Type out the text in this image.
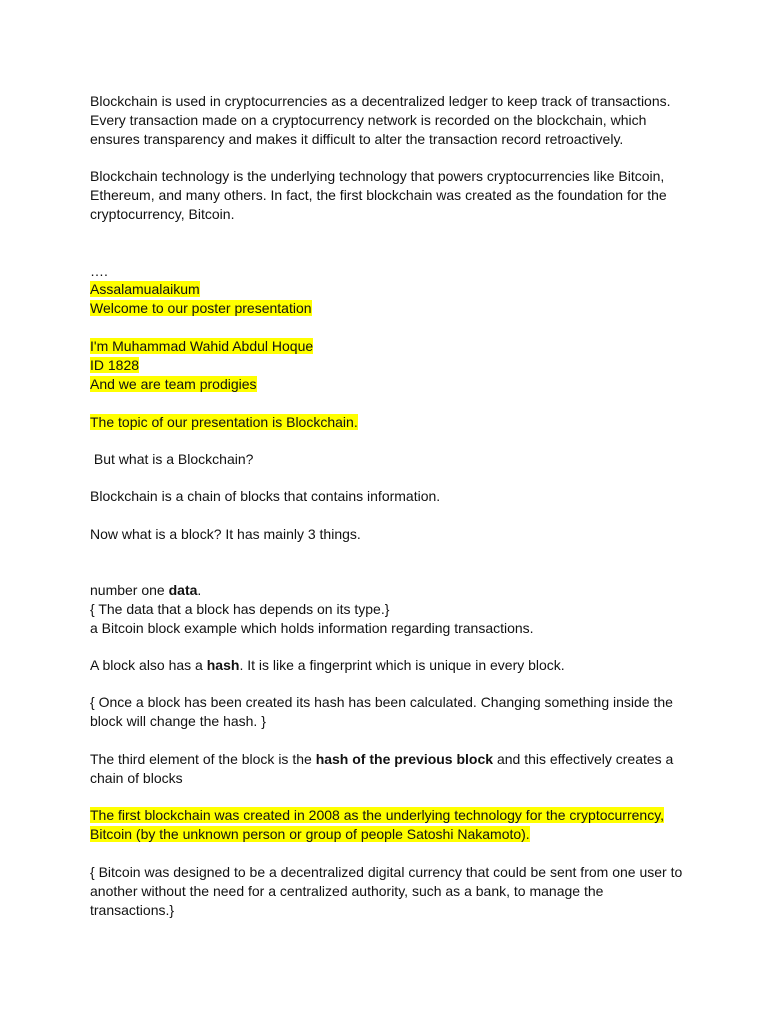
Blockchain is used in cryptocurrencies as a decentralized ledger to keep track of transactions.

Every transaction made on a cryptocurrency network is recorded on the blockchain, which

ensures transparency and makes it difficult to alter the transaction record retroactively.

Blockchain technology is the underlying technology that powers cryptocurrencies like Bitcoin,

Ethereum, and many others. In fact, the first blockchain was created as the foundation for the

cryptocurrency, Bitcoin.

….

Assalamualaikum

Welcome to our poster presentation

I'm Muhammad Wahid Abdul Hoque

ID 1828

And we are team prodigies

The topic of our presentation is Blockchain.

But what is a Blockchain?

Blockchain is a chain of blocks that contains information.

Now what is a block? It has mainly 3 things.

number one data.

{ The data that a block has depends on its type.}

a Bitcoin block example which holds information regarding transactions.

A block also has a hash. It is like a fingerprint which is unique in every block.

{ Once a block has been created its hash has been calculated. Changing something inside the

block will change the hash. }

The third element of the block is the hash of the previous block and this effectively creates a

chain of blocks

The first blockchain was created in 2008 as the underlying technology for the cryptocurrency,

Bitcoin (by the unknown person or group of people Satoshi Nakamoto).

{ Bitcoin was designed to be a decentralized digital currency that could be sent from one user to

another without the need for a centralized authority, such as a bank, to manage the

transactions.}
